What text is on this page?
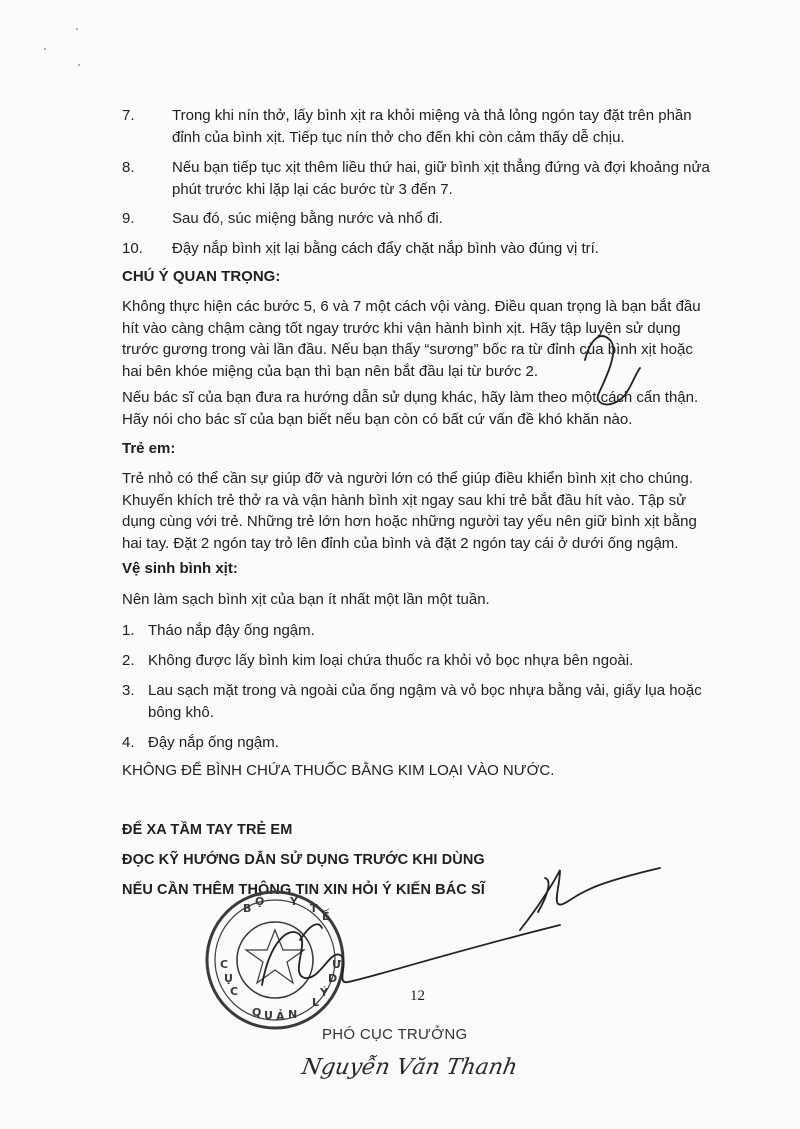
7. Trong khi nín thở, lấy bình xịt ra khỏi miệng và thả lỏng ngón tay đặt trên phần đỉnh của bình xịt. Tiếp tục nín thở cho đến khi còn cảm thấy dễ chịu.
8. Nếu bạn tiếp tục xịt thêm liều thứ hai, giữ bình xịt thẳng đứng và đợi khoảng nửa phút trước khi lặp lại các bước từ 3 đến 7.
9. Sau đó, súc miệng bằng nước và nhổ đi.
10. Đậy nắp bình xịt lại bằng cách đẩy chặt nắp bình vào đúng vị trí.
CHÚ Ý QUAN TRỌNG:
Không thực hiện các bước 5, 6 và 7 một cách vội vàng. Điều quan trọng là bạn bắt đầu hít vào càng chậm càng tốt ngay trước khi vận hành bình xịt. Hãy tập luyện sử dụng trước gương trong vài lần đầu. Nếu bạn thấy “sương” bốc ra từ đỉnh của bình xịt hoặc hai bên khóe miệng của bạn thì bạn nên bắt đầu lại từ bước 2.
Nếu bác sĩ của bạn đưa ra hướng dẫn sử dụng khác, hãy làm theo một cách cẩn thận. Hãy nói cho bác sĩ của bạn biết nếu bạn còn có bất cứ vấn đề khó khăn nào.
Trẻ em:
Trẻ nhỏ có thể cần sự giúp đỡ và người lớn có thể giúp điều khiển bình xịt cho chúng. Khuyến khích trẻ thở ra và vận hành bình xịt ngay sau khi trẻ bắt đầu hít vào. Tập sử dụng cùng với trẻ. Những trẻ lớn hơn hoặc những người tay yếu nên giữ bình xịt bằng hai tay. Đặt 2 ngón tay trỏ lên đỉnh của bình và đặt 2 ngón tay cái ở dưới ống ngậm.
Vệ sinh bình xịt:
Nên làm sạch bình xịt của bạn ít nhất một lần một tuần.
1. Tháo nắp đậy ống ngậm.
2. Không được lấy bình kim loại chứa thuốc ra khỏi vỏ bọc nhựa bên ngoài.
3. Lau sạch mặt trong và ngoài của ống ngậm và vỏ bọc nhựa bằng vải, giấy lụa hoặc bông khô.
4. Đậy nắp ống ngậm.
KHÔNG ĐỂ BÌNH CHỨA THUỐC BẰNG KIM LOẠI VÀO NƯỚC.
ĐỂ XA TẦM TAY TRẺ EM
ĐỌC KỸ HƯỚNG DẪN SỬ DỤNG TRƯỚC KHI DÙNG
NẾU CẦN THÊM THÔNG TIN XIN HỎI Ý KIẾN BÁC SĨ
12
PHÓ CỤC TRƯỞNG
Nguyễn Văn Thanh
B
Ộ Y
T
Ế
C
Ụ
C
Q U Ả N
L
Ý
D
Ư
